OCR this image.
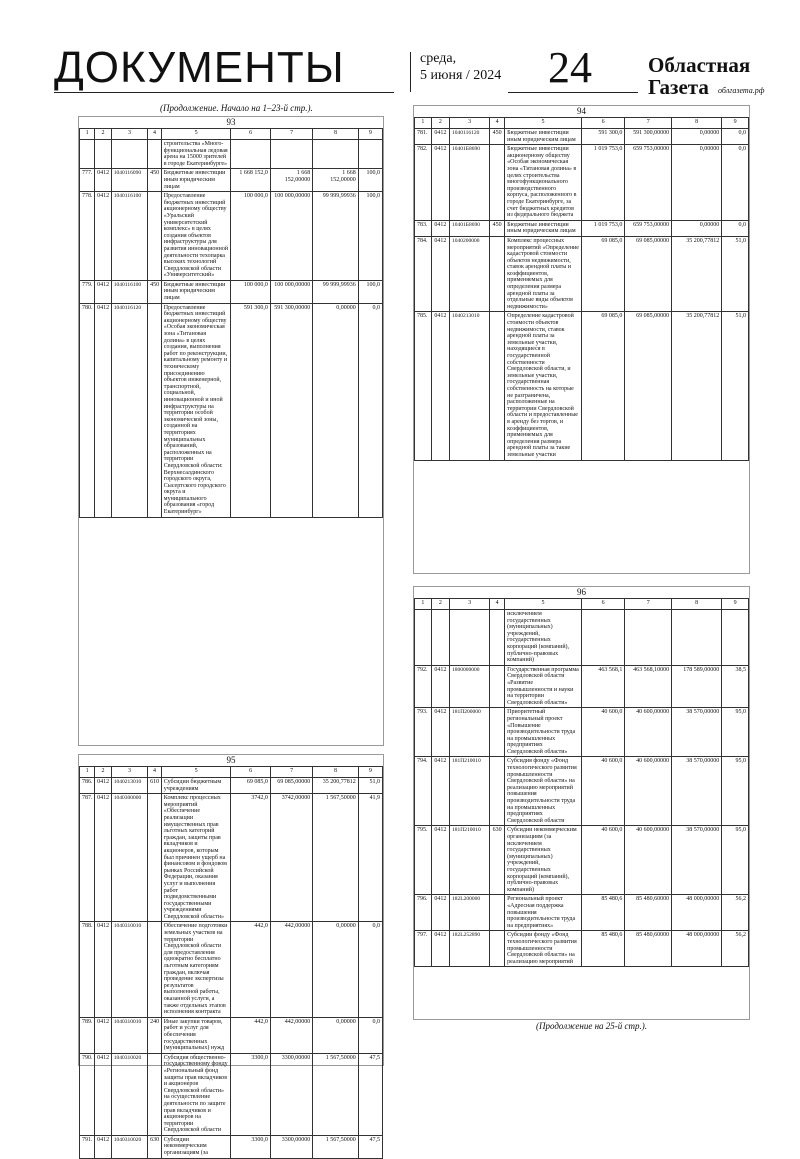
ДОКУМЕНТЫ	среда,
5 июня / 2024 24	Областная
Газета	облгазета.рф
(Продолжение. Начало на 1–23-й стр.).
93
1	2	3	4	5	6	7	8	9
				строительства «Много-функциональная ледовая арена на 15000 зрителей в городе Екатеринбурге»				
777.	0412	1040116090	450	Бюджетные инвестиции иным юридическим лицам	1 668 152,0	1 668 152,00000	1 668 152,00000	100,0
778.	0412	1040116100		Предоставление бюджетных инвестиций акционерному обществу «Уральский университетский комплекс» в целях создания объектов инфраструктуры для развития инновационной деятельности техопарка высоких технологий Свердловской области «Университетский»	100 000,0	100 000,00000	99 999,99936	100,0
779.	0412	1040116100	450	Бюджетные инвестиции иным юридическим лицам	100 000,0	100 000,00000	99 999,99936	100,0
780.	0412	1040116120		Предоставление бюджетных инвестиций акционерному обществу «Особая экономическая зона «Титановая долина» в целях создания, выполнения работ по реконструкции, капитальному ремонту и техническому присоединению объектов инженерной, транспортной, социальной, инновационной и иной инфраструктуры на территории особой экономической зоны, созданной на территориях муниципальных образований, расположенных на территории Свердловской области: Верхнесалдинского городского округа, Сысертского городского округа и муниципального образования «город Екатеринбург»	591 300,0	591 300,00000	0,00000	0,0
94
1	2	3	4	5	6	7	8	9
781.	0412	1040116120	450	Бюджетные инвестиции иным юридическим лицам	591 300,0	591 300,00000	0,00000	0,0
782.	0412	10401Б8690		Бюджетные инвестиции акционерному обществу «Особая экономическая зона «Титановая долина» в целях строительства многофункционального производственного корпуса, расположенного в городе Екатеринбурге, за счет бюджетных кредитов из федерального бюджета	1 019 753,0	659 753,00000	0,00000	0,0
783.	0412	10401Б8690	450	Бюджетные инвестиции иным юридическим лицам	1 019 753,0	659 753,00000	0,00000	0,0
784.	0412	1040200000		Комплекс процессных мероприятий «Определение кадастровой стоимости объектов недвижимости, ставок арендной платы и коэффициентов, применяемых для определения размера арендной платы за отдельные виды объектов недвижимости»	69 085,0	69 085,00000	35 200,77812	51,0
785.	0412	1040213010		Определение кадастровой стоимости объектов недвижимости, ставок арендной платы за земельные участки, находящиеся в государственной собственности Свердловской области, и земельные участки, государственная собственность на которые не разграничена, расположенные на территории Свердловской области и предоставленные в аренду без торгов, и коэффициентов, применяемых для определения размера арендной платы за такие земельные участки	69 085,0	69 085,00000	35 200,77812	51,0
95
1	2	3	4	5	6	7	8	9
786.	0412	1040213010	610	Субсидии бюджетным учреждениям	69 085,0	69 085,00000	35 200,77812	51,0
787.	0412	1040300000		Комплекс процессных мероприятий «Обеспечение реализации имущественных прав льготных категорий граждан, защиты прав вкладчиков и акционеров, которым был причинен ущерб на финансовом и фондовом рынках Российской Федерации, оказания услуг и выполнения работ подведомственными государственными учреждениями Свердловской области»	3742,0	3742,00000	1 567,50000	41,9
788.	0412	1040310010		Обеспечение подготовки земельных участков на территории Свердловской области для предоставления однократно бесплатно льготным категориям граждан, включая проведение экспертизы результатов выполненной работы, оказанной услуги, а также отдельных этапов исполнения контракта	442,0	442,00000	0,00000	0,0
789.	0412	1040310010	240	Иные закупки товаров, работ и услуг для обеспечения государственных (муниципальных) нужд	442,0	442,00000	0,00000	0,0
790.	0412	1040310020		Субсидия общественно-государственному фонду «Региональный фонд защиты прав вкладчиков и акционеров Свердловской области» на осуществление деятельности по защите прав вкладчиков и акционеров на территории Свердловской области	3300,0	3300,00000	1 567,50000	47,5
791.	0412	1040310020	630	Субсидии некоммерческим организациям (за	3300,0	3300,00000	1 567,50000	47,5
96
1	2	3	4	5	6	7	8	9
				исключением государственных (муниципальных) учреждений, государственных корпораций (компаний), публично-правовых компаний)				
792.	0412	1800000000		Государственная программа Свердловской области «Развитие промышленности и науки на территории Свердловской области»	463 568,1	463 568,10000	178 589,00000	38,5
793.	0412	181П200000		Приоритетный региональный проект «Повышение производительности труда на промышленных предприятиях Свердловской области»	40 600,0	40 600,00000	38 570,00000	95,0
794.	0412	181П210010		Субсидия фонду «Фонд технологического развития промышленности Свердловской области» на реализацию мероприятий повышения производительности труда на промышленных предприятиях Свердловской области	40 600,0	40 600,00000	38 570,00000	95,0
795.	0412	181П210010	630	Субсидии некоммерческим организациям (за исключением государственных (муниципальных) учреждений, государственных корпораций (компаний), публично-правовых компаний)	40 600,0	40 600,00000	38 570,00000	95,0
796.	0412	182L200000		Региональный проект «Адресная поддержка повышения производительности труда на предприятиях»	85 480,6	85 480,60000	48 000,00000	56,2
797.	0412	182L252890		Субсидии фонду «Фонд технологического развития промышленности Свердловской области» на реализацию мероприятий	85 480,6	85 480,60000	48 000,00000	56,2
(Продолжение на 25-й стр.).
